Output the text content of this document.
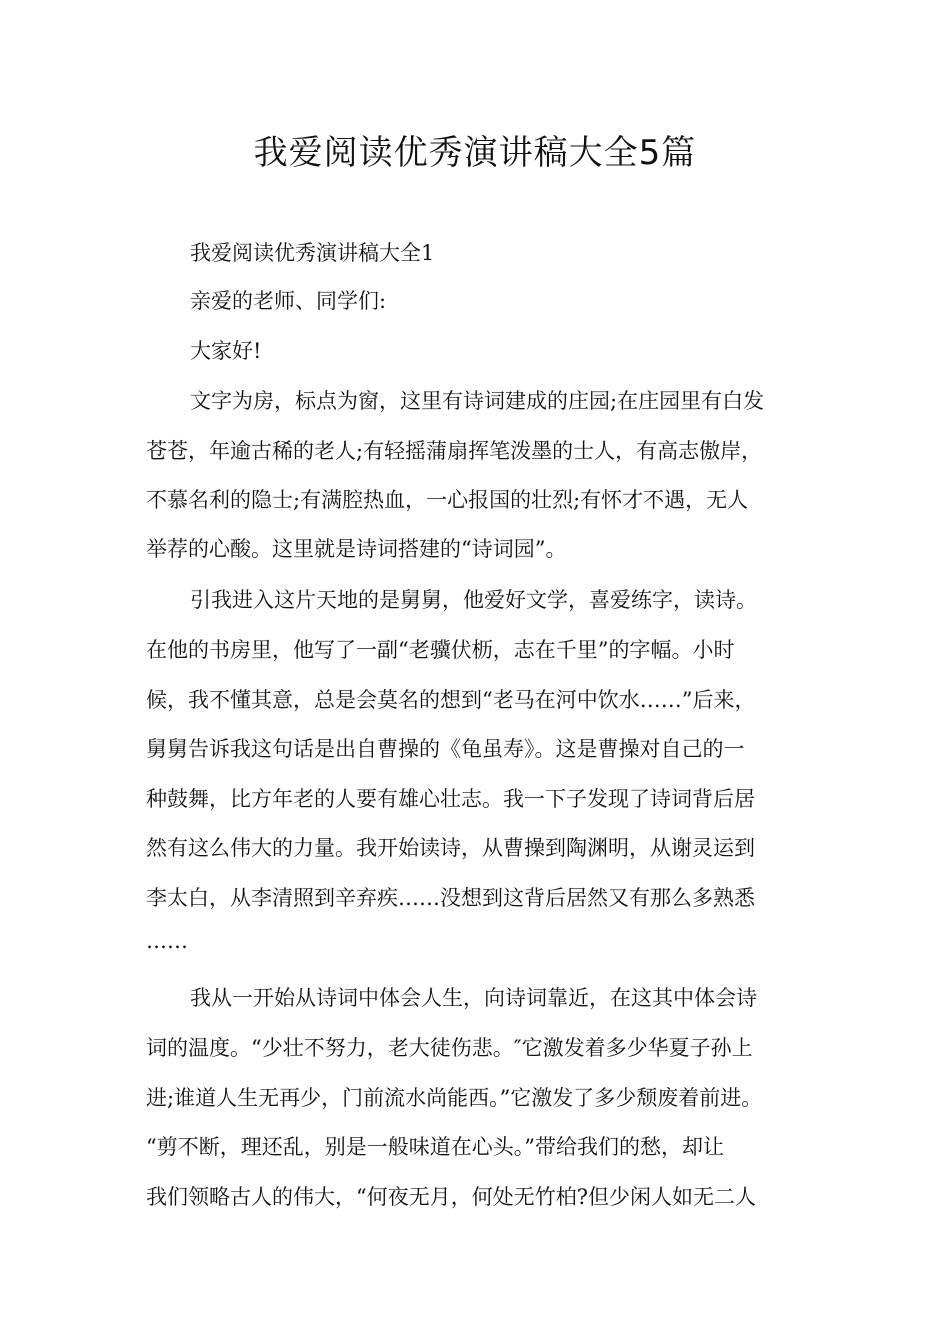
我爱阅读优秀演讲稿大全5篇

我爱阅读优秀演讲稿大全1

亲爱的老师、同学们:

大家好!

文字为房，标点为窗，这里有诗词建成的庄园;在庄园里有白发

苍苍，年逾古稀的老人;有轻摇蒲扇挥笔泼墨的士人，有高志傲岸，

不慕名利的隐士;有满腔热血，一心报国的壮烈;有怀才不遇，无人

举荐的心酸。这里就是诗词搭建的“诗词园”。

引我进入这片天地的是舅舅，他爱好文学，喜爱练字，读诗。

在他的书房里，他写了一副“老骥伏枥，志在千里”的字幅。小时

候，我不懂其意，总是会莫名的想到“老马在河中饮水……”后来，

舅舅告诉我这句话是出自曹操的《龟虽寿》。这是曹操对自己的一

种鼓舞，比方年老的人要有雄心壮志。我一下子发现了诗词背后居

然有这么伟大的力量。我开始读诗，从曹操到陶渊明，从谢灵运到

李太白，从李清照到辛弃疾……没想到这背后居然又有那么多熟悉

……

我从一开始从诗词中体会人生，向诗词靠近，在这其中体会诗

词的温度。“少壮不努力，老大徒伤悲。″它激发着多少华夏子孙上

进;谁道人生无再少，门前流水尚能西。”它激发了多少颓废着前进。

“剪不断，理还乱，别是一般味道在心头。”带给我们的愁，却让

我们领略古人的伟大，“何夜无月，何处无竹柏?但少闲人如无二人
